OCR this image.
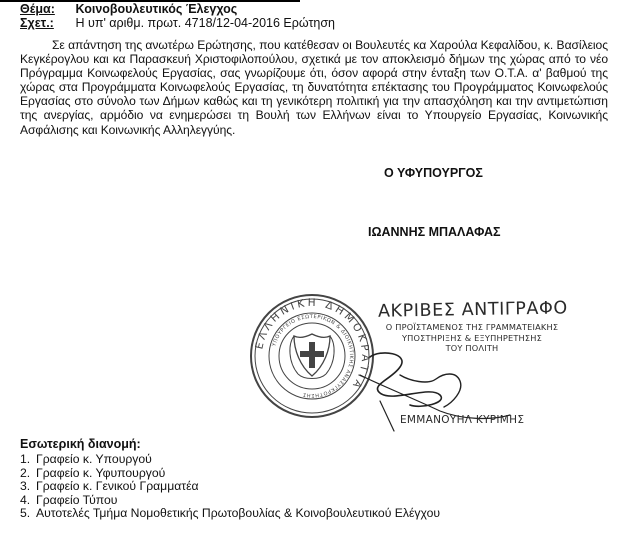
Θέμα: Κοινοβουλευτικός Έλεγχος
Σχετ.: Η υπ' αριθμ. πρωτ. 4718/12-04-2016 Ερώτηση

Σε απάντηση της ανωτέρω Ερώτησης, που κατέθεσαν οι Βουλευτές κα Χαρούλα Κεφαλίδου, κ. Βασίλειος Κεγκέρογλου και κα Παρασκευή Χριστοφιλοπούλου, σχετικά με τον αποκλεισμό δήμων της χώρας από το νέο Πρόγραμμα Κοινωφελούς Εργασίας, σας γνωρίζουμε ότι, όσον αφορά στην ένταξη των Ο.Τ.Α. α' βαθμού της χώρας στα Προγράμματα Κοινωφελούς Εργασίας, τη δυνατότητα επέκτασης του Προγράμματος Κοινωφελούς Εργασίας στο σύνολο των Δήμων καθώς και τη γενικότερη πολιτική για την απασχόληση και την αντιμετώπιση της ανεργίας, αρμόδιο να ενημερώσει τη Βουλή των Ελλήνων είναι το Υπουργείο Εργασίας, Κοινωνικής Ασφάλισης και Κοινωνικής Αλληλεγγύης.

Ο ΥΦΥΠΟΥΡΓΟΣ
ΙΩΑΝΝΗΣ ΜΠΑΛΑΦΑΣ
ΕΛΛΗΝΙΚΗ ΔΗΜΟΚΡΑΤΙΑ
ΥΠΟΥΡΓΕΙΟ ΕΣΩΤΕΡΙΚΩΝ & ΔΙΟΙΚΗΤΙΚΗΣ ΑΝΑΣΥΓΚΡΟΤΗΣΗΣ
ΑΚΡΙΒΕΣ ΑΝΤΙΓΡΑΦΟ
Ο ΠΡΟΪΣΤΑΜΕΝΟΣ ΤΗΣ ΓΡΑΜΜΑΤΕΙΑΚΗΣ
ΥΠΟΣΤΗΡΙΞΗΣ & ΕΞΥΠΗΡΕΤΗΣΗΣ
ΤΟΥ ΠΟΛΙΤΗ
ΕΜΜΑΝΟΥΗΛ ΚΥΡΙΜΗΣ
Εσωτερική διανομή:
1. Γραφείο κ. Υπουργού
2. Γραφείο κ. Υφυπουργού
3. Γραφείο κ. Γενικού Γραμματέα
4. Γραφείο Τύπου
5. Αυτοτελές Τμήμα Νομοθετικής Πρωτοβουλίας & Κοινοβουλευτικού Ελέγχου
